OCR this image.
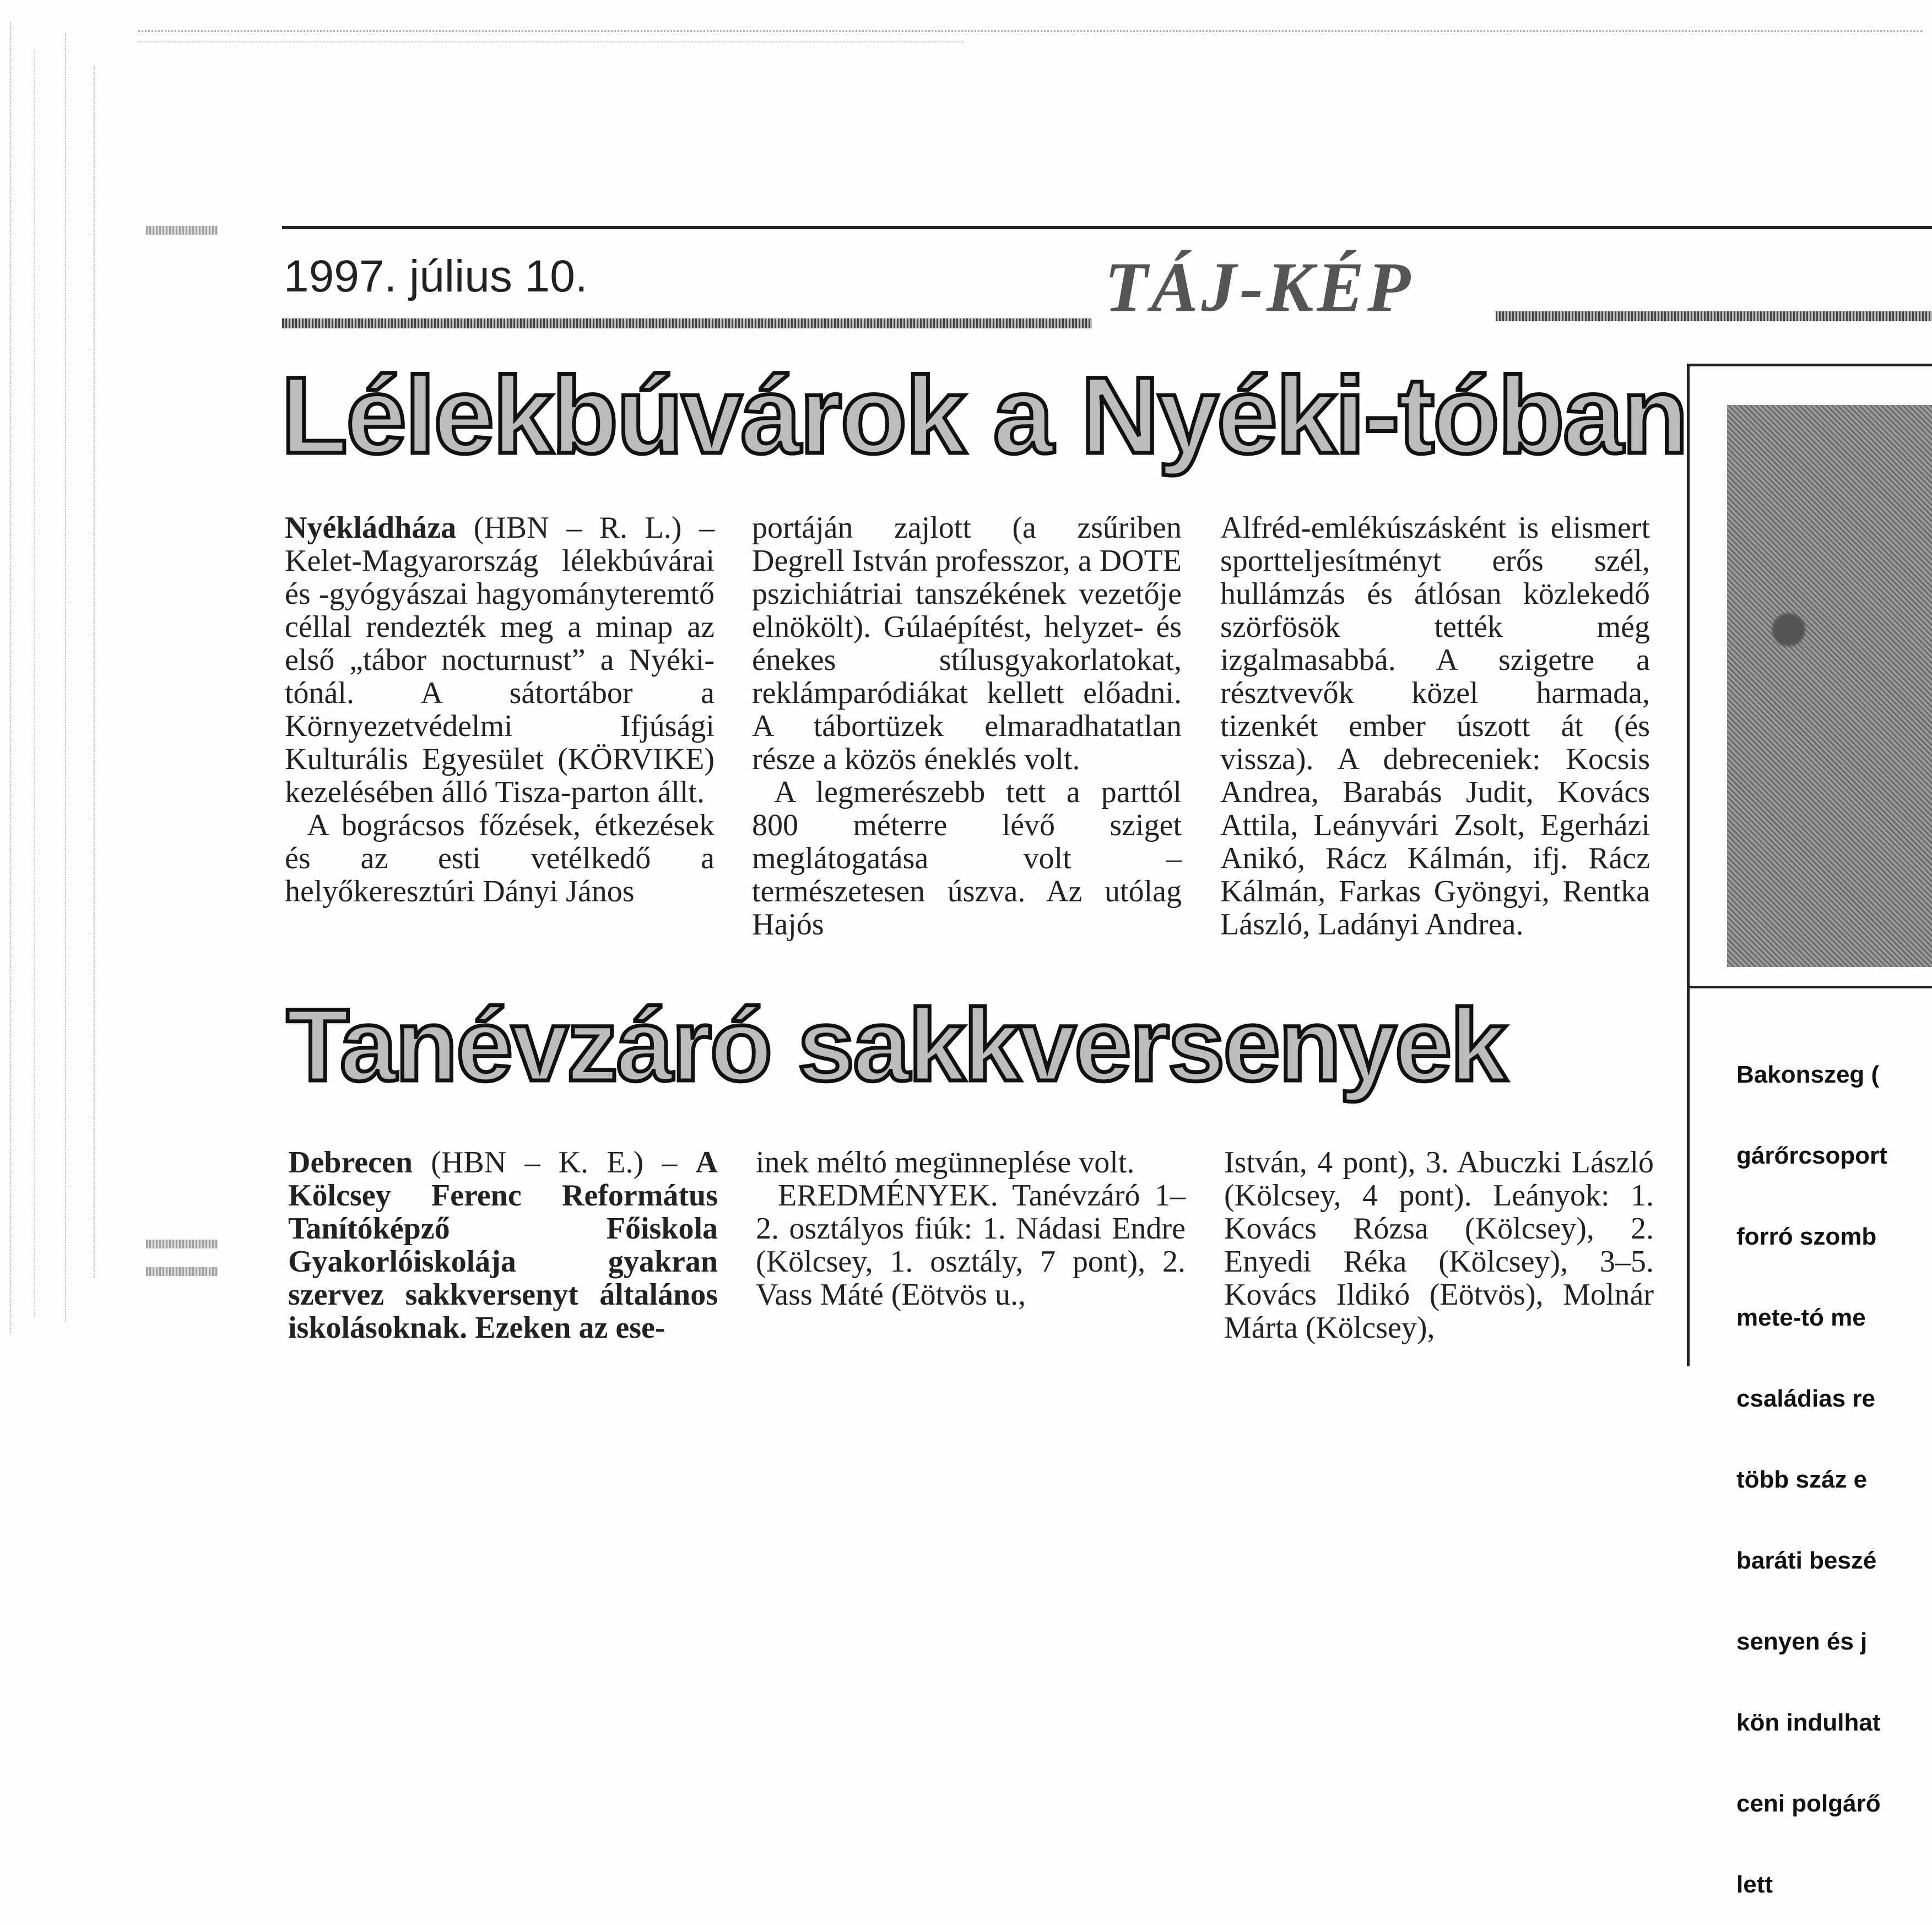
1997. július 10.	TÁJ-KÉP
Lélekbúvárok a Nyéki-tóban

Nyékládháza (HBN – R. L.) – Kelet-Magyarország lélekbúvárai és -gyógyászai hagyományteremtő céllal rendezték meg a minap az első „tábor nocturnust” a Nyéki-tónál. A sátortábor a Környezetvédelmi Ifjúsági Kulturális Egyesület (KÖRVIKE) kezelésében álló Tisza-parton állt.

A bográcsos főzések, étkezések és az esti vetélkedő a helyőkeresztúri Dányi János

portáján zajlott (a zsűriben Degrell István professzor, a DOTE pszichiátriai tanszékének vezetője elnökölt). Gúlaépítést, helyzet- és énekes stílusgyakorlatokat, reklámparódiákat kellett előadni. A tábortüzek elmaradhatatlan része a közös éneklés volt.

A legmerészebb tett a parttól 800 méterre lévő sziget meglátogatása volt – természetesen úszva. Az utólag Hajós

Alfréd-emlékúszásként is elismert sportteljesítményt erős szél, hullámzás és átlósan közlekedő szörfösök tették még izgalmasabbá. A szigetre a résztvevők közel harmada, tizenkét ember úszott át (és vissza). A debreceniek: Kocsis Andrea, Barabás Judit, Kovács Attila, Leányvári Zsolt, Egerházi Anikó, Rácz Kálmán, ifj. Rácz Kálmán, Farkas Gyöngyi, Rentka László, Ladányi Andrea.

Tanévzáró sakkversenyek

Debrecen (HBN – K. E.) – A Kölcsey Ferenc Református Tanítóképző Főiskola Gyakorlóiskolája gyakran szervez sakkversenyt általános iskolásoknak. Ezeken az ese-

inek méltó megünneplése volt.

EREDMÉNYEK. Tanévzáró 1–2. osztályos fiúk: 1. Nádasi Endre (Kölcsey, 1. osztály, 7 pont), 2. Vass Máté (Eötvös u.,

István, 4 pont), 3. Abuczki László (Kölcsey, 4 pont). Leányok: 1. Kovács Rózsa (Kölcsey), 2. Enyedi Réka (Kölcsey), 3–5. Kovács Ildikó (Eötvös), Molnár Márta (Kölcsey),

Bakonszeg (

gárőrcsoport

forró szomb

mete-tó me

családias re

több száz e

baráti beszé

senyen és j

kön indulhat

ceni polgárő

lett
